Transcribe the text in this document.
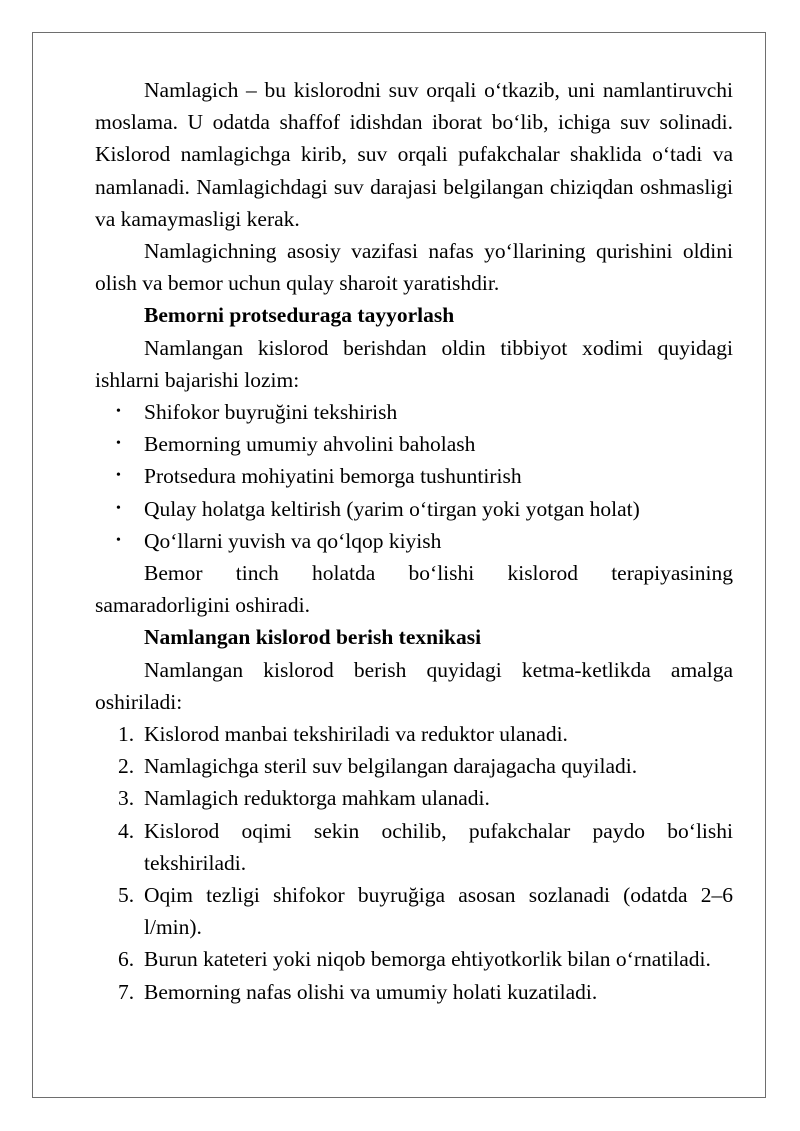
Namlagich – bu kislorodni suv orqali o‘tkazib, uni namlantiruvchi moslama. U odatda shaffof idishdan iborat bo‘lib, ichiga suv solinadi. Kislorod namlagichga kirib, suv orqali pufakchalar shaklida o‘tadi va namlanadi. Namlagichdagi suv darajasi belgilangan chiziqdan oshmasligi va kamaymasligi kerak.

Namlagichning asosiy vazifasi nafas yo‘llarining qurishini oldini olish va bemor uchun qulay sharoit yaratishdir.

Bemorni protseduraga tayyorlash

Namlangan kislorod berishdan oldin tibbiyot xodimi quyidagi ishlarni bajarishi lozim:

• Shifokor buyruğini tekshirish
• Bemorning umumiy ahvolini baholash
• Protsedura mohiyatini bemorga tushuntirish
• Qulay holatga keltirish (yarim o‘tirgan yoki yotgan holat)
• Qo‘llarni yuvish va qo‘lqop kiyish

Bemor tinch holatda bo‘lishi kislorod terapiyasining samaradorligini oshiradi.

Namlangan kislorod berish texnikasi

Namlangan kislorod berish quyidagi ketma-ketlikda amalga oshiriladi:

1. Kislorod manbai tekshiriladi va reduktor ulanadi.
2. Namlagichga steril suv belgilangan darajagacha quyiladi.
3. Namlagich reduktorga mahkam ulanadi.
4. Kislorod oqimi sekin ochilib, pufakchalar paydo bo‘lishi tekshiriladi.
5. Oqim tezligi shifokor buyruğiga asosan sozlanadi (odatda 2–6 l/min).
6. Burun kateteri yoki niqob bemorga ehtiyotkorlik bilan o‘rnatiladi.
7. Bemorning nafas olishi va umumiy holati kuzatiladi.
